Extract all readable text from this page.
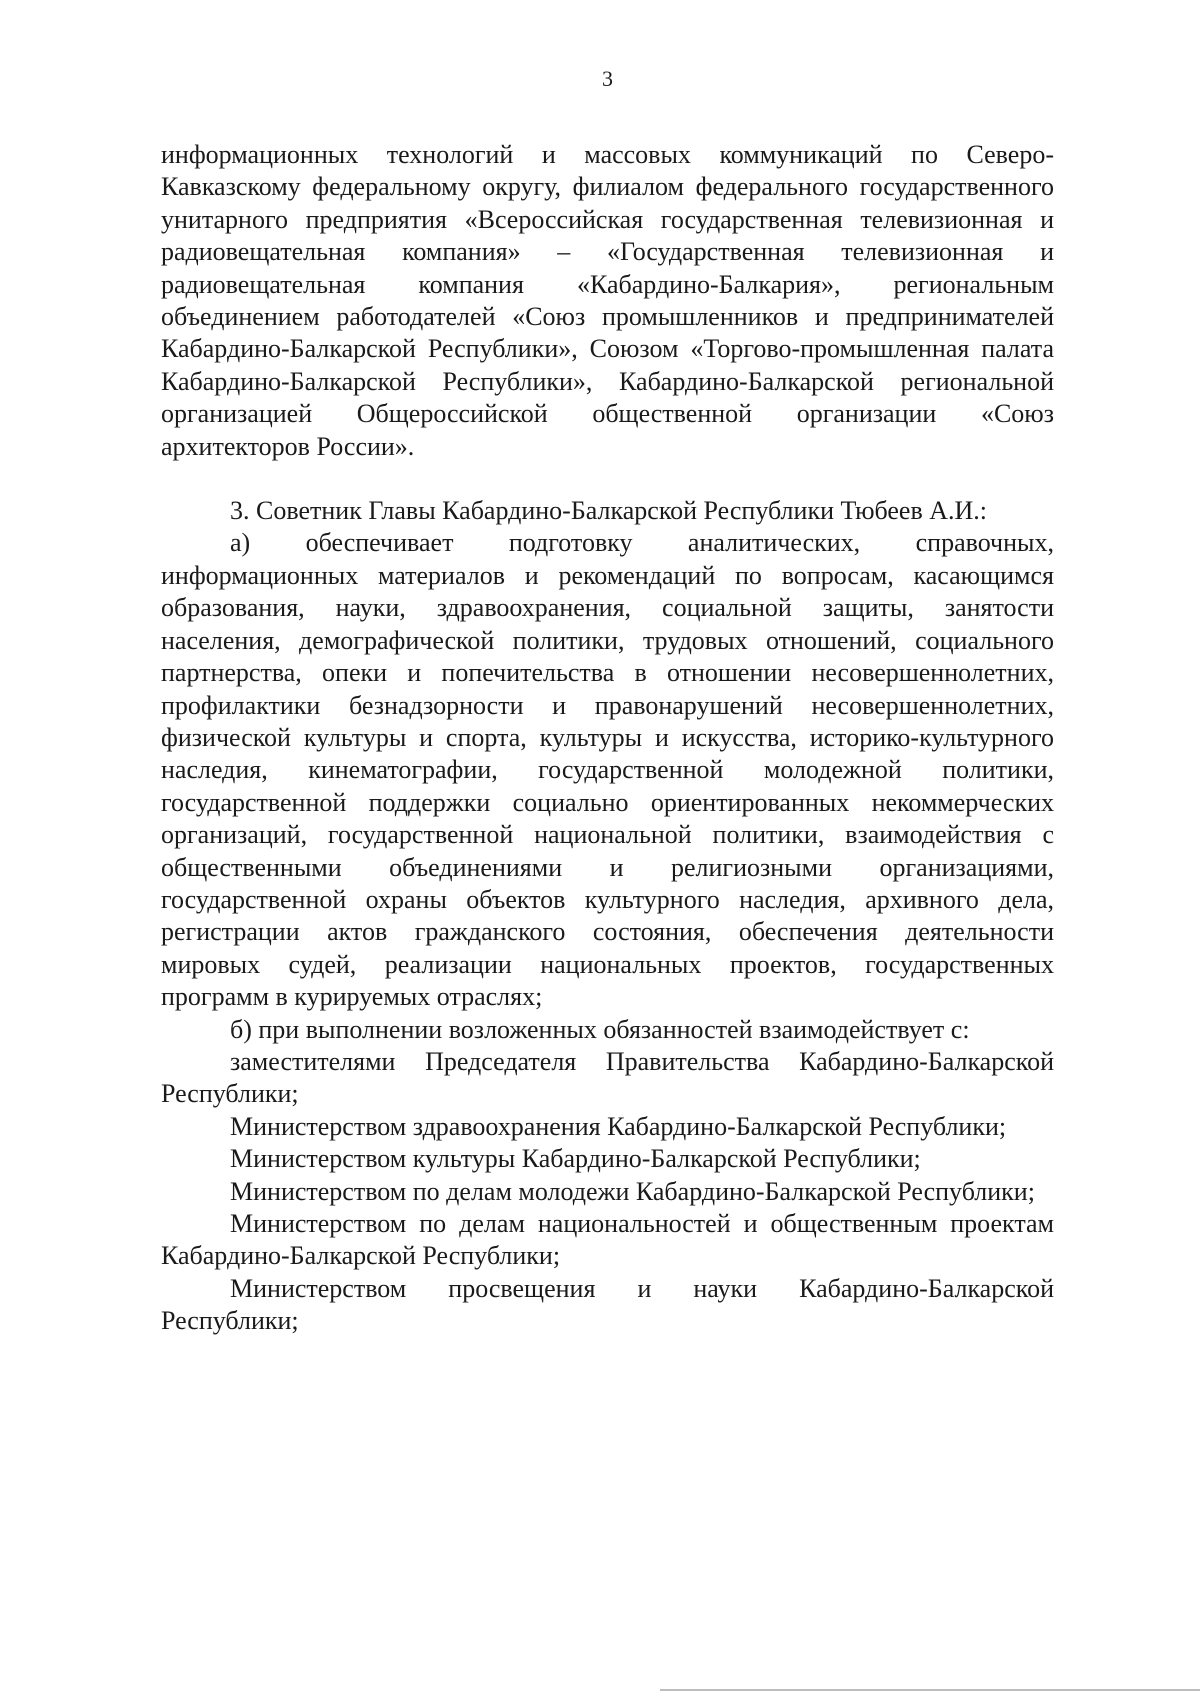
3

информационных технологий и массовых коммуникаций по Северо-Кавказскому федеральному округу, филиалом федерального государственного унитарного предприятия «Всероссийская государственная телевизионная и радиовещательная компания» – «Государственная телевизионная и радиовещательная компания «Кабардино-Балкария», региональным объединением работодателей «Союз промышленников и предпринимателей Кабардино-Балкарской Республики», Союзом «Торгово-промышленная палата Кабардино-Балкарской Республики», Кабардино-Балкарской региональной организацией Общероссийской общественной организации «Союз архитекторов России».

3. Советник Главы Кабардино-Балкарской Республики Тюбеев А.И.:

а) обеспечивает подготовку аналитических, справочных, информационных материалов и рекомендаций по вопросам, касающимся образования, науки, здравоохранения, социальной защиты, занятости населения, демографической политики, трудовых отношений, социального партнерства, опеки и попечительства в отношении несовершеннолетних, профилактики безнадзорности и правонарушений несовершеннолетних, физической культуры и спорта, культуры и искусства, историко-культурного наследия, кинематографии, государственной молодежной политики, государственной поддержки социально ориентированных некоммерческих организаций, государственной национальной политики, взаимодействия с общественными объединениями и религиозными организациями, государственной охраны объектов культурного наследия, архивного дела, регистрации актов гражданского состояния, обеспечения деятельности мировых судей, реализации национальных проектов, государственных программ в курируемых отраслях;

б) при выполнении возложенных обязанностей взаимодействует с:

заместителями Председателя Правительства Кабардино-Балкарской Республики;

Министерством здравоохранения Кабардино-Балкарской Республики;

Министерством культуры Кабардино-Балкарской Республики;

Министерством по делам молодежи Кабардино-Балкарской Республики;

Министерством по делам национальностей и общественным проектам Кабардино-Балкарской Республики;

Министерством просвещения и науки Кабардино-Балкарской Республики;
